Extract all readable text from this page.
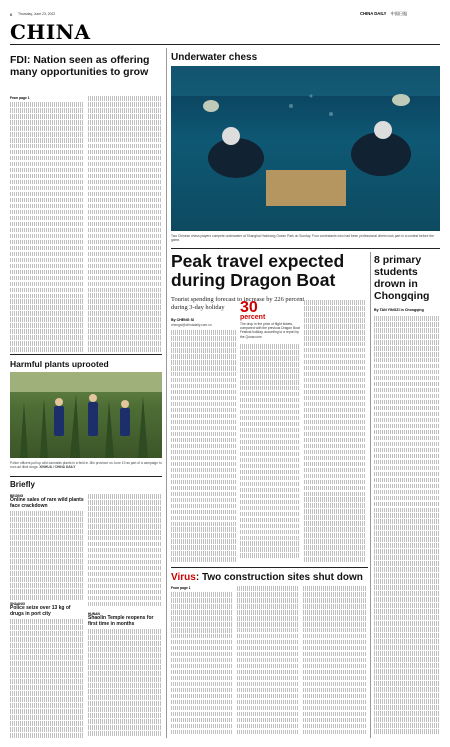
6 Thursday, June 23, 2022	CHINA DAILY 中国日报
CHINA
FDI: Nation seen as offering many opportunities to grow
From page 1
Harmful plants uprooted
Police officers pull up wild cannabis plants in a field in Jilin province on June 19 as part of a campaign to root out illicit drugs. XINHUA / CHINA DAILY
Briefly
BEIJING
Online sales of rare wild plants face crackdown
SHAANXI
Police seize over 13 kg of drugs in port city	HUNAN
Shaolin Temple reopens for first time in months
Underwater chess
Two Chinese chess players compete underwater at Shanghai Haichang Ocean Park on Sunday. Four contestants who had been professional divers took part in a contest before the game.
Peak travel expected during Dragon Boat
Tourist spending forecast to increase by 226 percent during 3-day holiday
By CHENG SI
chengsi@chinadaily.com.cn
30
percent
The drop in the price of flight tickets, compared with the previous Dragon Boat Festival holiday, according to a report by the Qunar.com
8 primary students drown in Chongqing
By TAN YINGZI in Chongqing
Virus: Two construction sites shut down
From page 1
